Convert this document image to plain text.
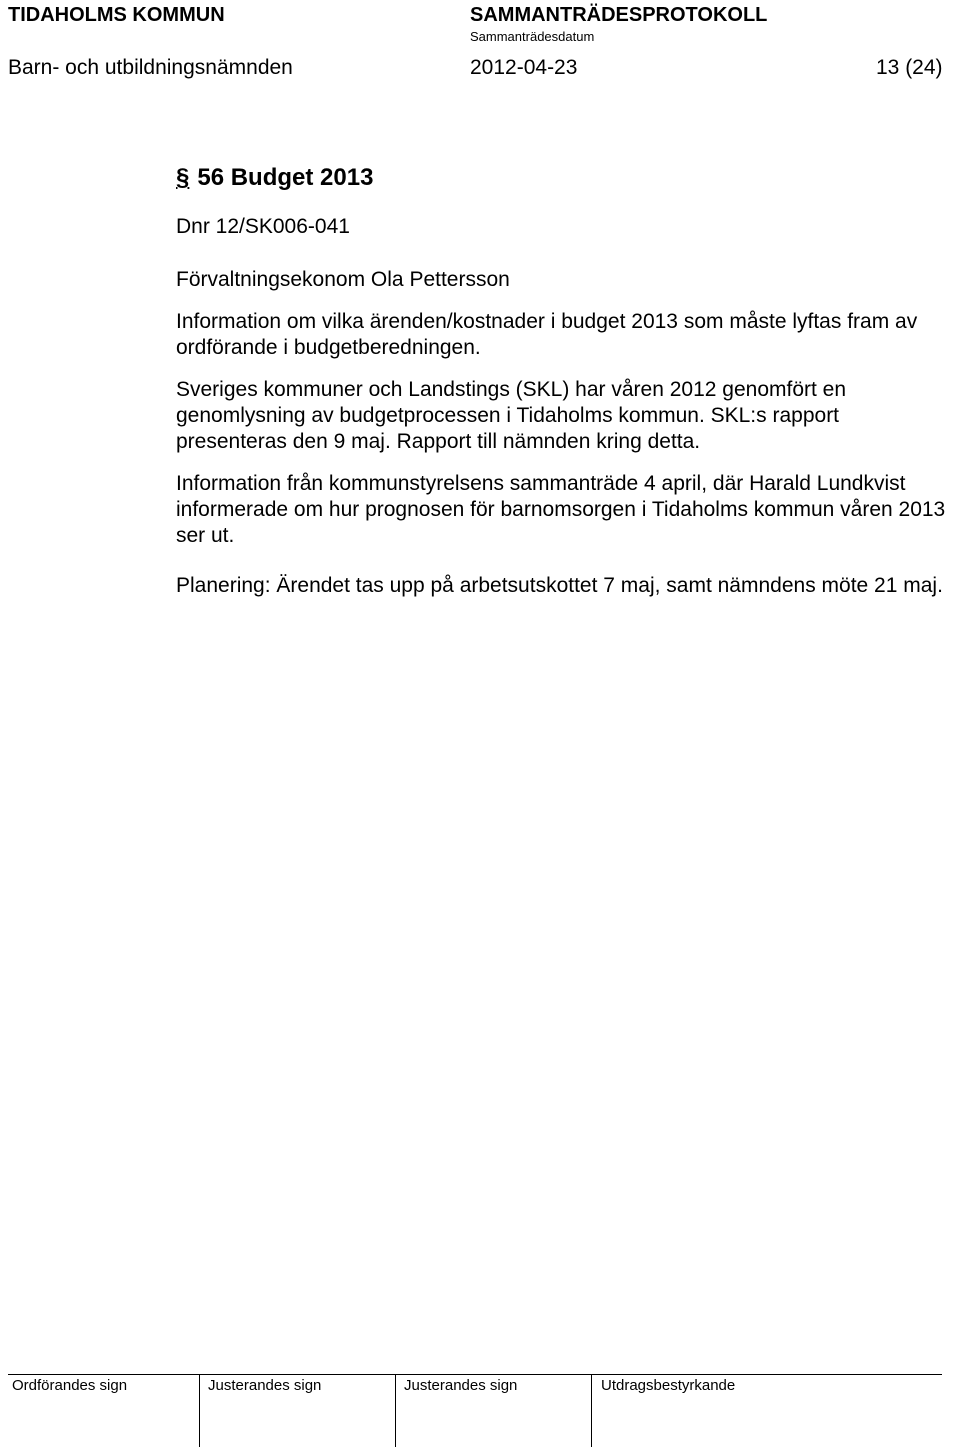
TIDAHOLMS KOMMUN	SAMMANTRÄDESPROTOKOLL
Sammanträdesdatum
Barn- och utbildningsnämnden	2012-04-23	13 (24)
§ 56 Budget 2013
Dnr 12/SK006-041
Förvaltningsekonom Ola Pettersson
Information om vilka ärenden/kostnader i budget 2013 som måste lyftas fram av ordförande i budgetberedningen.
Sveriges kommuner och Landstings (SKL) har våren 2012 genomfört en genomlysning av budgetprocessen i Tidaholms kommun. SKL:s rapport presenteras den 9 maj. Rapport till nämnden kring detta.
Information från kommunstyrelsens sammanträde 4 april, där Harald Lundkvist informerade om hur prognosen för barnomsorgen i Tidaholms kommun våren 2013 ser ut.
Planering: Ärendet tas upp på arbetsutskottet 7 maj, samt nämndens möte 21 maj.
Ordförandes sign	Justerandes sign	Justerandes sign	Utdragsbestyrkande
